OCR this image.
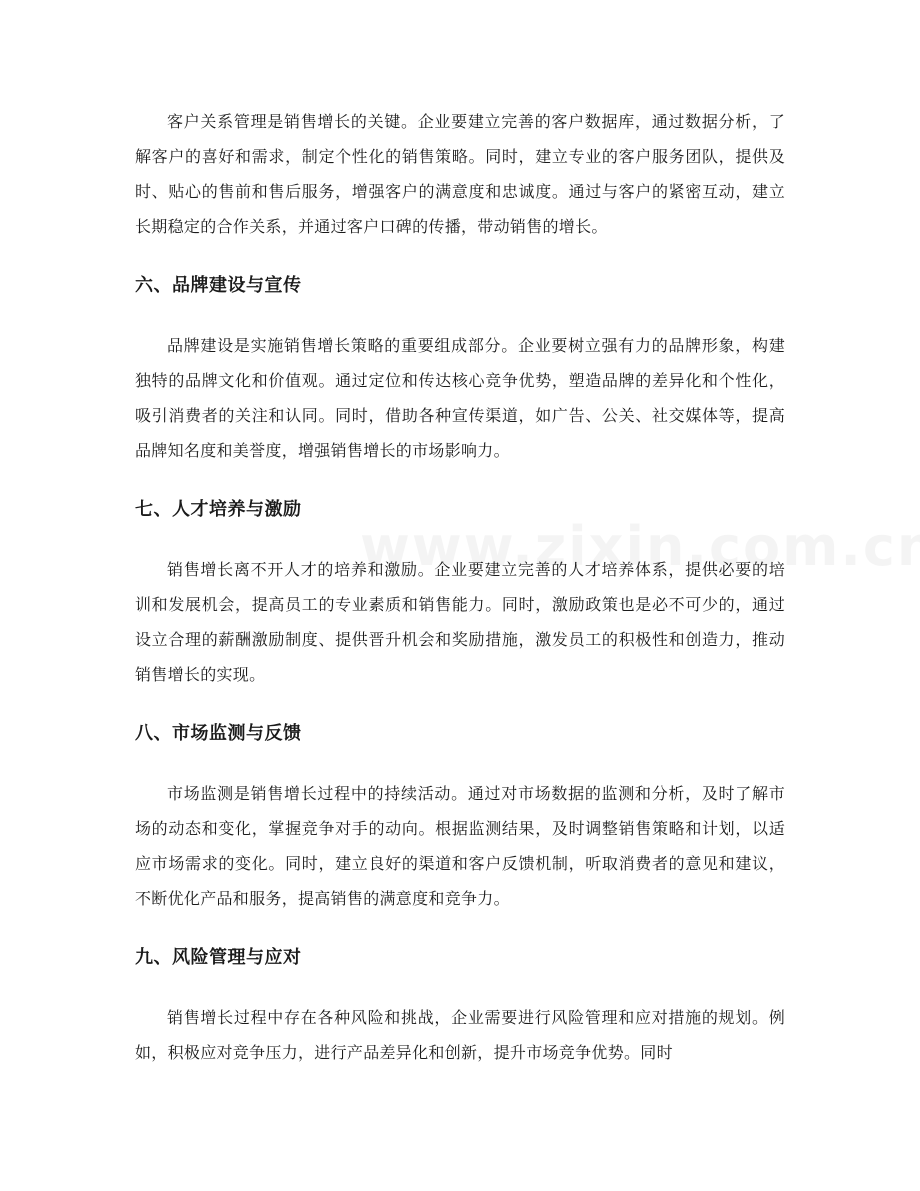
客户关系管理是销售增长的关键。企业要建立完善的客户数据库，通过数据分析，了解客户的喜好和需求，制定个性化的销售策略。同时，建立专业的客户服务团队，提供及时、贴心的售前和售后服务，增强客户的满意度和忠诚度。通过与客户的紧密互动，建立长期稳定的合作关系，并通过客户口碑的传播，带动销售的增长。

六、品牌建设与宣传

品牌建设是实施销售增长策略的重要组成部分。企业要树立强有力的品牌形象，构建独特的品牌文化和价值观。通过定位和传达核心竞争优势，塑造品牌的差异化和个性化，吸引消费者的关注和认同。同时，借助各种宣传渠道，如广告、公关、社交媒体等，提高品牌知名度和美誉度，增强销售增长的市场影响力。

七、人才培养与激励

销售增长离不开人才的培养和激励。企业要建立完善的人才培养体系，提供必要的培训和发展机会，提高员工的专业素质和销售能力。同时，激励政策也是必不可少的，通过设立合理的薪酬激励制度、提供晋升机会和奖励措施，激发员工的积极性和创造力，推动销售增长的实现。

八、市场监测与反馈

市场监测是销售增长过程中的持续活动。通过对市场数据的监测和分析，及时了解市场的动态和变化，掌握竞争对手的动向。根据监测结果，及时调整销售策略和计划，以适应市场需求的变化。同时，建立良好的渠道和客户反馈机制，听取消费者的意见和建议，不断优化产品和服务，提高销售的满意度和竞争力。

九、风险管理与应对

销售增长过程中存在各种风险和挑战，企业需要进行风险管理和应对措施的规划。例如，积极应对竞争压力，进行产品差异化和创新，提升市场竞争优势。同时
